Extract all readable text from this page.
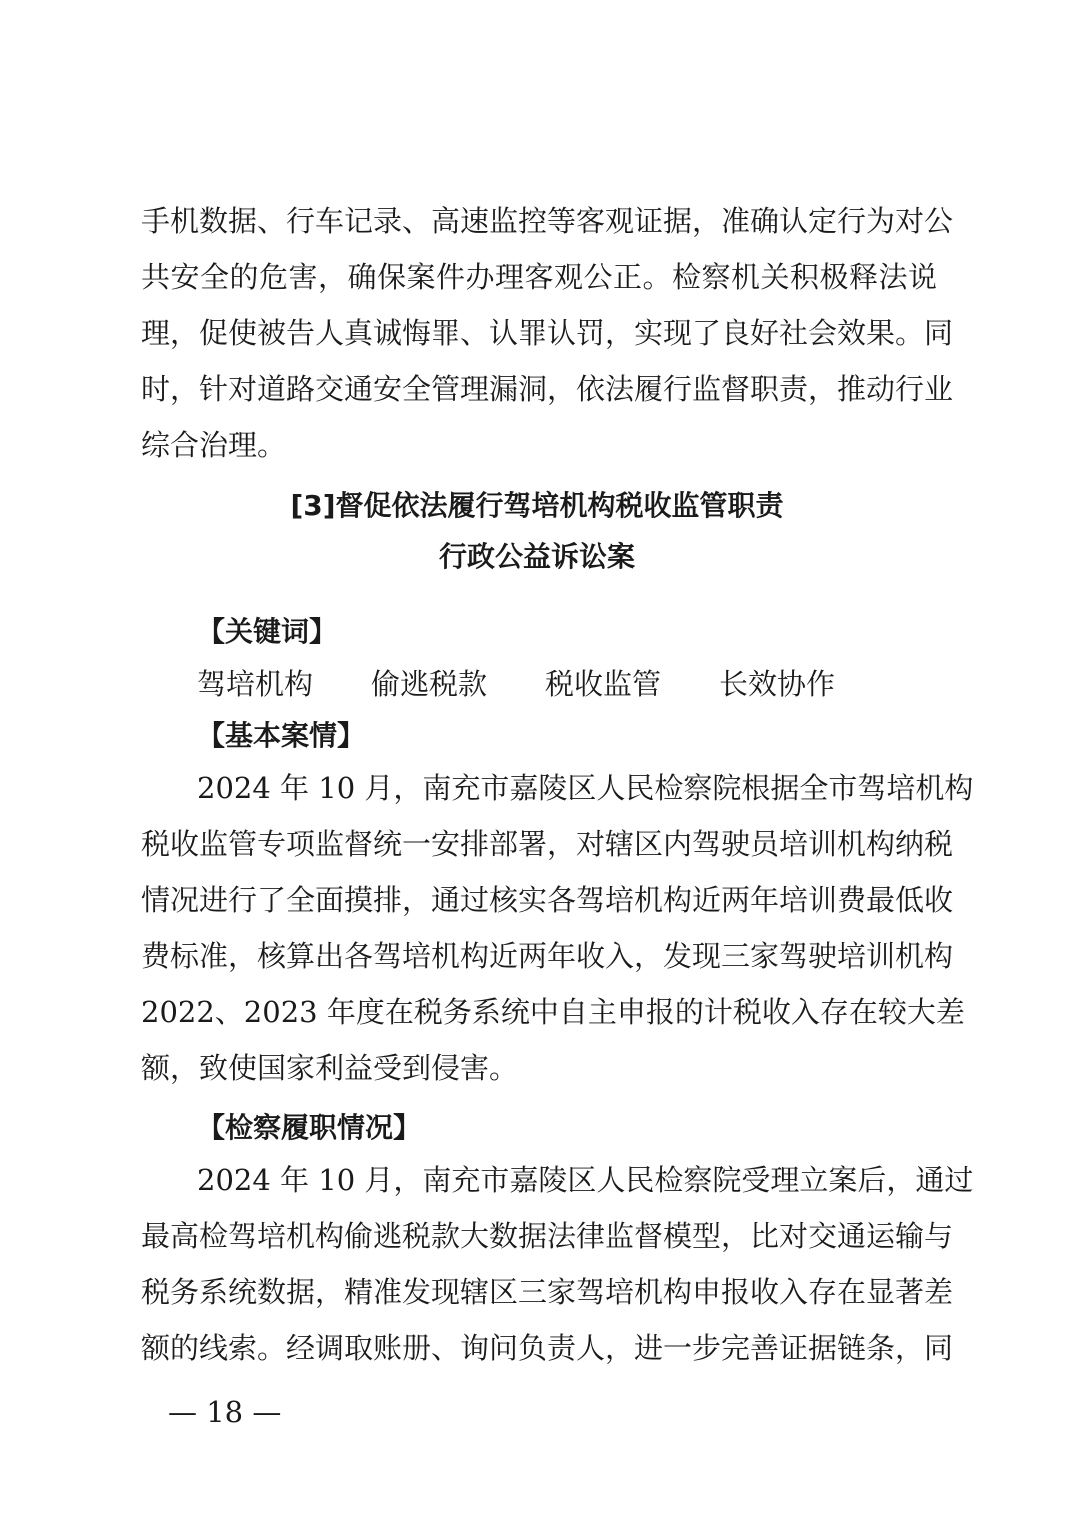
手机数据、行车记录、高速监控等客观证据，准确认定行为对公
共安全的危害，确保案件办理客观公正。检察机关积极释法说
理，促使被告人真诚悔罪、认罪认罚，实现了良好社会效果。同
时，针对道路交通安全管理漏洞，依法履行监督职责，推动行业
综合治理。
[3]督促依法履行驾培机构税收监管职责
行政公益诉讼案
【关键词】
驾培机构 偷逃税款 税收监管 长效协作
【基本案情】
2024 年 10 月，南充市嘉陵区人民检察院根据全市驾培机构
税收监管专项监督统一安排部署，对辖区内驾驶员培训机构纳税
情况进行了全面摸排，通过核实各驾培机构近两年培训费最低收
费标准，核算出各驾培机构近两年收入，发现三家驾驶培训机构
2022、2023 年度在税务系统中自主申报的计税收入存在较大差
额，致使国家利益受到侵害。
【检察履职情况】
2024 年 10 月，南充市嘉陵区人民检察院受理立案后，通过
最高检驾培机构偷逃税款大数据法律监督模型，比对交通运输与
税务系统数据，精准发现辖区三家驾培机构申报收入存在显著差
额的线索。经调取账册、询问负责人，进一步完善证据链条，同
— 18 —
